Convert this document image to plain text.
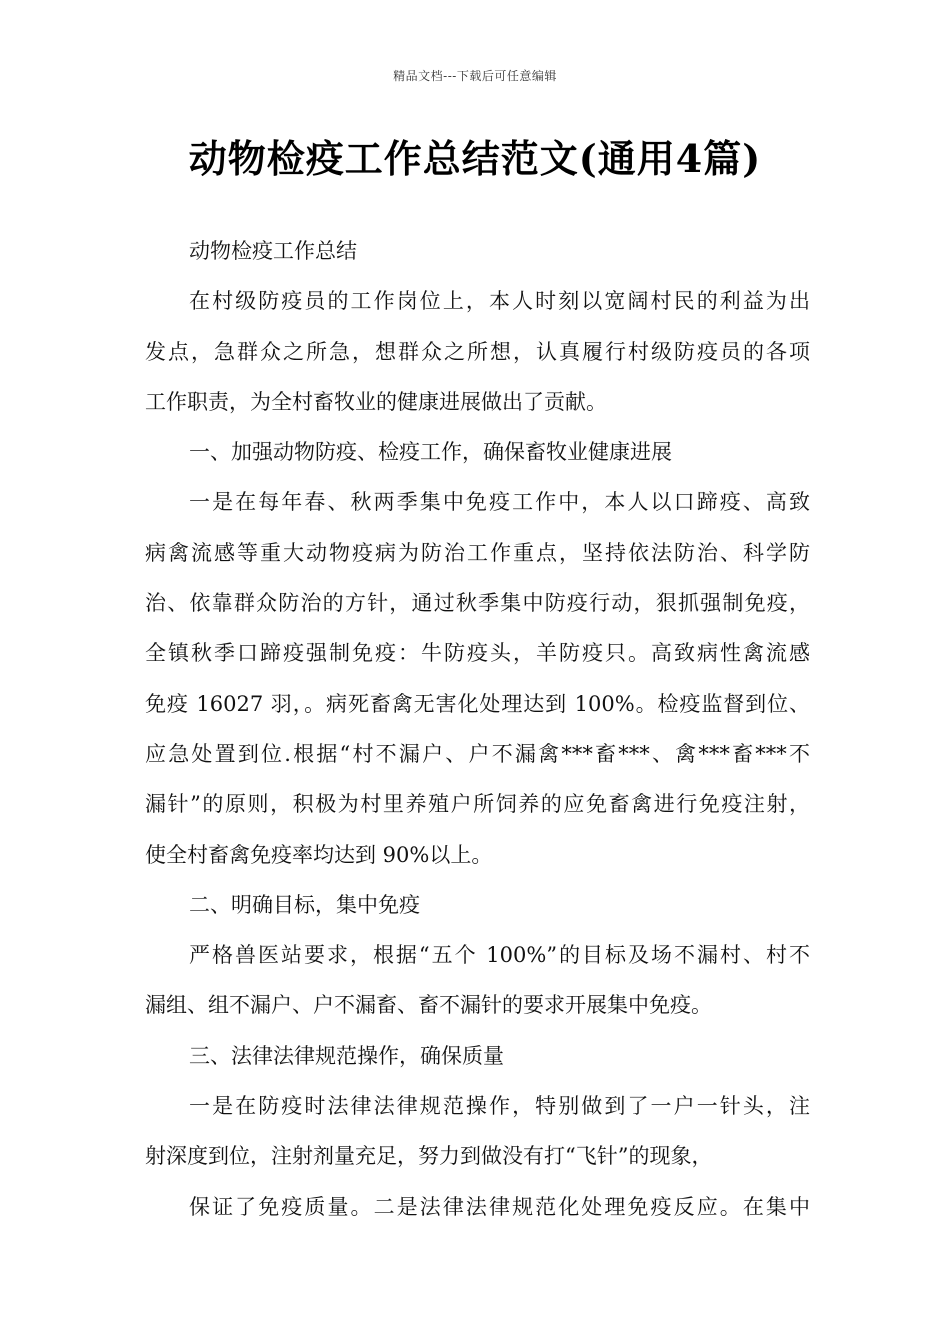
精品文档---下载后可任意编辑
动物检疫工作总结范文(通用4篇)
动物检疫工作总结
在村级防疫员的工作岗位上，本人时刻以宽阔村民的利益为出
发点，急群众之所急，想群众之所想，认真履行村级防疫员的各项
工作职责，为全村畜牧业的健康进展做出了贡献。
一、加强动物防疫、检疫工作，确保畜牧业健康进展
一是在每年春、秋两季集中免疫工作中，本人以口蹄疫、高致
病禽流感等重大动物疫病为防治工作重点，坚持依法防治、科学防
治、依靠群众防治的方针，通过秋季集中防疫行动，狠抓强制免疫，
全镇秋季口蹄疫强制免疫：牛防疫头，羊防疫只。高致病性禽流感
免疫 16027 羽，。病死畜禽无害化处理达到 100%。检疫监督到位、
应急处置到位.根据“村不漏户、户不漏禽***畜***、禽***畜***不
漏针”的原则，积极为村里养殖户所饲养的应免畜禽进行免疫注射，
使全村畜禽免疫率均达到 90%以上。
二、明确目标，集中免疫
严格兽医站要求，根据“五个 100%”的目标及场不漏村、村不
漏组、组不漏户、户不漏畜、畜不漏针的要求开展集中免疫。
三、法律法律规范操作，确保质量
一是在防疫时法律法律规范操作，特别做到了一户一针头，注
射深度到位，注射剂量充足，努力到做没有打“飞针”的现象，
保证了免疫质量。二是法律法律规范化处理免疫反应。在集中
